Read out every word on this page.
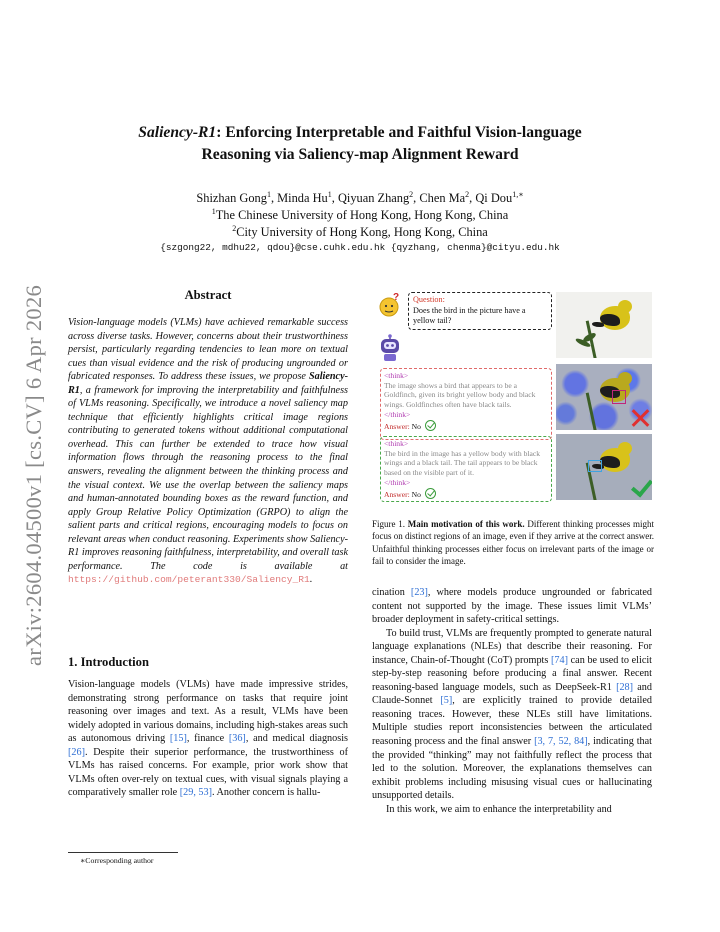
arXiv:2604.04500v1 [cs.CV] 6 Apr 2026
Saliency-R1: Enforcing Interpretable and Faithful Vision-language
Reasoning via Saliency-map Alignment Reward
Shizhan Gong$^1$, Minda Hu$^1$, Qiyuan Zhang$^2$, Chen Ma$^2$, Qi Dou$^{1,∗}$
$^1$The Chinese University of Hong Kong, Hong Kong, China
$^2$City University of Hong Kong, Hong Kong, China
{szgong22, mdhu22, qdou}@cse.cuhk.edu.hk {qyzhang, chenma}@cityu.edu.hk
Abstract
Vision-language models (VLMs) have achieved remarkable success across diverse tasks. However, concerns about their trustworthiness persist, particularly regarding tendencies to lean more on textual cues than visual evidence and the risk of producing ungrounded or fabricated responses. To address these issues, we propose Saliency-R1, a framework for improving the interpretability and faithfulness of VLMs reasoning. Specifically, we introduce a novel saliency map technique that efficiently highlights critical image regions contributing to generated tokens without additional computational overhead. This can further be extended to trace how visual information flows through the reasoning process to the final answers, revealing the alignment between the thinking process and the visual context. We use the overlap between the saliency maps and human-annotated bounding boxes as the reward function, and apply Group Relative Policy Optimization (GRPO) to align the salient parts and critical regions, encouraging models to focus on relevant areas when conduct reasoning. Experiments show Saliency-R1 improves reasoning faithfulness, interpretability, and overall task performance. The code is available at https://github.com/peterant330/Saliency_R1.
1. Introduction
Vision-language models (VLMs) have made impressive strides, demonstrating strong performance on tasks that require joint reasoning over images and text. As a result, VLMs have been widely adopted in various domains, including high-stakes areas such as autonomous driving [15], finance [36], and medical diagnosis [26]. Despite their superior performance, the trustworthiness of VLMs has raised concerns. For example, prior work show that VLMs often over-rely on textual cues, with visual signals playing a comparatively smaller role [29, 53]. Another concern is hallu-
∗Corresponding author
? Question:
Does the bird in the picture have a yellow tail?
<think>
The image shows a bird that appears to be a Goldfinch, given its bright yellow body and black wings. Goldfinches often have black tails.
</think>
Answer: No
<think>
The bird in the image has a yellow body with black wings and a black tail. The tail appears to be black based on the visible part of it.
</think>
Answer: No
Figure 1. Main motivation of this work. Different thinking processes might focus on distinct regions of an image, even if they arrive at the correct answer. Unfaithful thinking processes either focus on irrelevant parts of the image or fail to consider the image.

cination [23], where models produce ungrounded or fabricated content not supported by the image. These issues limit VLMs’ broader deployment in safety-critical settings.

To build trust, VLMs are frequently prompted to generate natural language explanations (NLEs) that describe their reasoning. For instance, Chain-of-Thought (CoT) prompts [74] can be used to elicit step-by-step reasoning before producing a final answer. Recent reasoning-based language models, such as DeepSeek-R1 [28] and Claude-Sonnet [5], are explicitly trained to provide detailed reasoning traces. However, these NLEs still have limitations. Multiple studies report inconsistencies between the articulated reasoning process and the final answer [3, 7, 52, 84], indicating that the provided “thinking” may not faithfully reflect the process that led to the solution. Moreover, the explanations themselves can exhibit problems including misusing visual cues or hallucinating unsupported details.

In this work, we aim to enhance the interpretability and
